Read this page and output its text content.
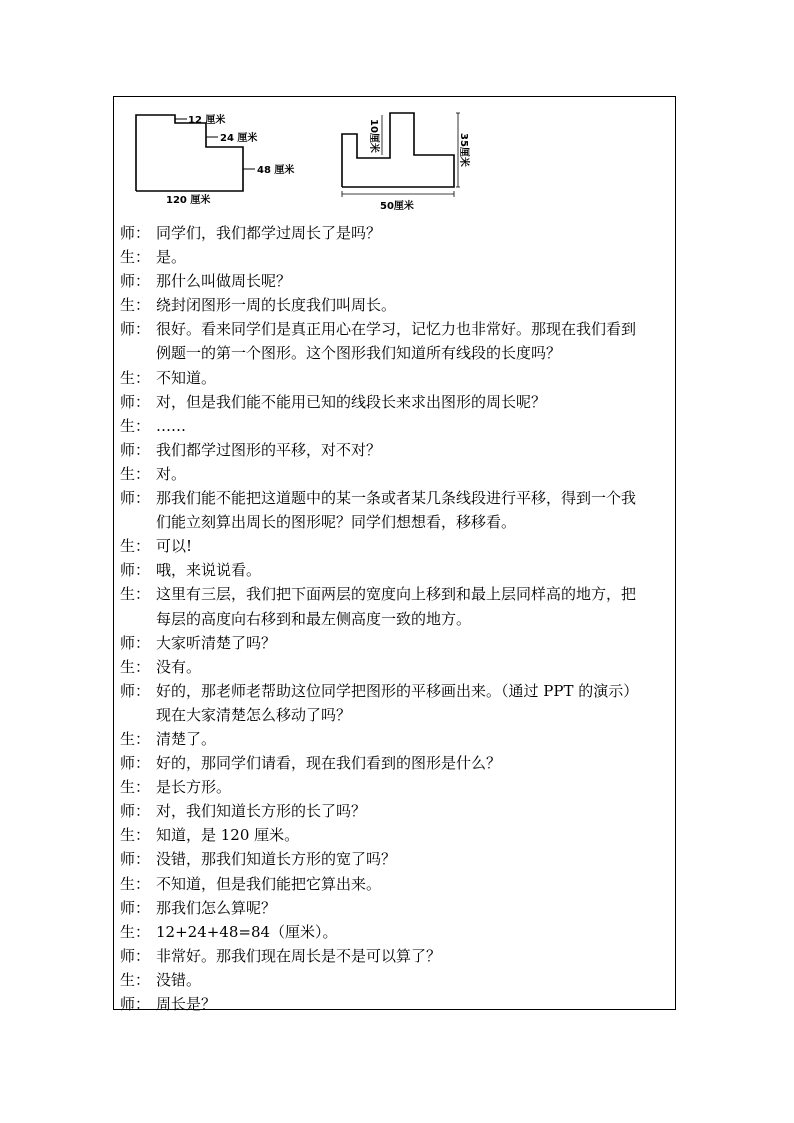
12 厘米
24 厘米
48 厘米
120 厘米
10厘米	35厘米
50厘米
师： 同学们，我们都学过周长了是吗？
生： 是。
师： 那什么叫做周长呢？
生： 绕封闭图形一周的长度我们叫周长。
师： 很好。看来同学们是真正用心在学习，记忆力也非常好。那现在我们看到
例题一的第一个图形。这个图形我们知道所有线段的长度吗？
生： 不知道。
师： 对，但是我们能不能用已知的线段长来求出图形的周长呢？
生： ……
师： 我们都学过图形的平移，对不对？
生： 对。
师： 那我们能不能把这道题中的某一条或者某几条线段进行平移，得到一个我
们能立刻算出周长的图形呢？同学们想想看，移移看。
生： 可以!
师： 哦，来说说看。
生： 这里有三层，我们把下面两层的宽度向上移到和最上层同样高的地方，把
每层的高度向右移到和最左侧高度一致的地方。
师： 大家听清楚了吗？
生： 没有。
师： 好的，那老师老帮助这位同学把图形的平移画出来。（通过 PPT 的演示）
现在大家清楚怎么移动了吗？
生： 清楚了。
师： 好的，那同学们请看，现在我们看到的图形是什么？
生： 是长方形。
师： 对，我们知道长方形的长了吗？
生： 知道，是 120 厘米。
师： 没错，那我们知道长方形的宽了吗？
生： 不知道，但是我们能把它算出来。
师： 那我们怎么算呢？
生： 12+24+48=84（厘米）。
师： 非常好。那我们现在周长是不是可以算了？
生： 没错。
师： 周长是？
